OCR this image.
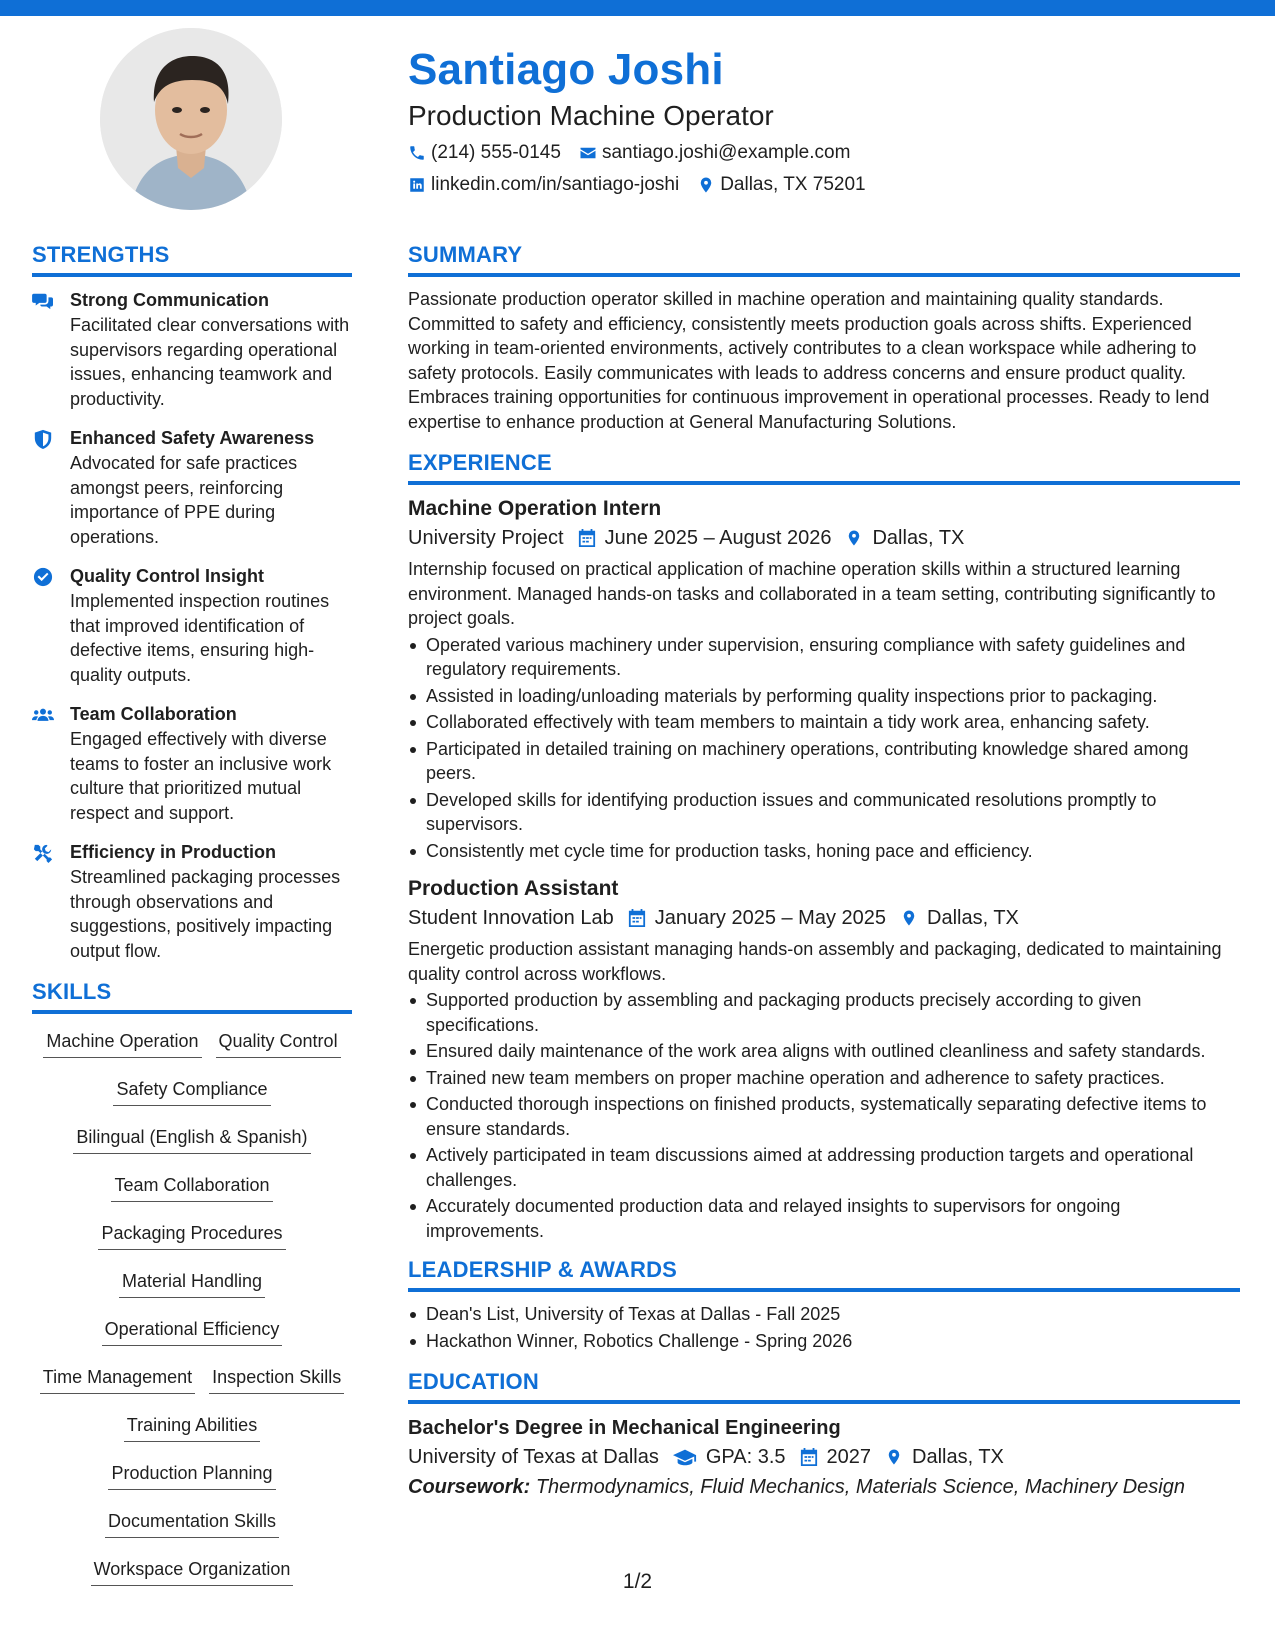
Santiago Joshi
Production Machine Operator
(214) 555-0145 santiago.joshi@example.com
linkedin.com/in/santiago-joshi Dallas, TX 75201
STRENGTHS
Strong Communication
Facilitated clear conversations with supervisors regarding operational issues, enhancing teamwork and productivity.
Enhanced Safety Awareness
Advocated for safe practices amongst peers, reinforcing importance of PPE during operations.
Quality Control Insight
Implemented inspection routines that improved identification of defective items, ensuring high-quality outputs.
Team Collaboration
Engaged effectively with diverse teams to foster an inclusive work culture that prioritized mutual respect and support.
Efficiency in Production
Streamlined packaging processes through observations and suggestions, positively impacting output flow.
SKILLS
Machine Operation Quality Control
Safety Compliance
Bilingual (English & Spanish)
Team Collaboration
Packaging Procedures
Material Handling
Operational Efficiency
Time Management Inspection Skills
Training Abilities
Production Planning
Documentation Skills
Workspace Organization
SUMMARY
Passionate production operator skilled in machine operation and maintaining quality standards. Committed to safety and efficiency, consistently meets production goals across shifts. Experienced working in team-oriented environments, actively contributes to a clean workspace while adhering to safety protocols. Easily communicates with leads to address concerns and ensure product quality. Embraces training opportunities for continuous improvement in operational processes. Ready to lend expertise to enhance production at General Manufacturing Solutions.
EXPERIENCE
Machine Operation Intern
University Project June 2025 – August 2026 Dallas, TX
Internship focused on practical application of machine operation skills within a structured learning environment. Managed hands-on tasks and collaborated in a team setting, contributing significantly to project goals.
Operated various machinery under supervision, ensuring compliance with safety guidelines and regulatory requirements.
Assisted in loading/unloading materials by performing quality inspections prior to packaging.
Collaborated effectively with team members to maintain a tidy work area, enhancing safety.
Participated in detailed training on machinery operations, contributing knowledge shared among peers.
Developed skills for identifying production issues and communicated resolutions promptly to supervisors.
Consistently met cycle time for production tasks, honing pace and efficiency.
Production Assistant
Student Innovation Lab January 2025 – May 2025 Dallas, TX
Energetic production assistant managing hands-on assembly and packaging, dedicated to maintaining quality control across workflows.
Supported production by assembling and packaging products precisely according to given specifications.
Ensured daily maintenance of the work area aligns with outlined cleanliness and safety standards.
Trained new team members on proper machine operation and adherence to safety practices.
Conducted thorough inspections on finished products, systematically separating defective items to ensure standards.
Actively participated in team discussions aimed at addressing production targets and operational challenges.
Accurately documented production data and relayed insights to supervisors for ongoing improvements.
LEADERSHIP & AWARDS
Dean's List, University of Texas at Dallas - Fall 2025
Hackathon Winner, Robotics Challenge - Spring 2026
EDUCATION
Bachelor's Degree in Mechanical Engineering
University of Texas at Dallas GPA: 3.5 2027 Dallas, TX
Coursework: Thermodynamics, Fluid Mechanics, Materials Science, Machinery Design
1/2
